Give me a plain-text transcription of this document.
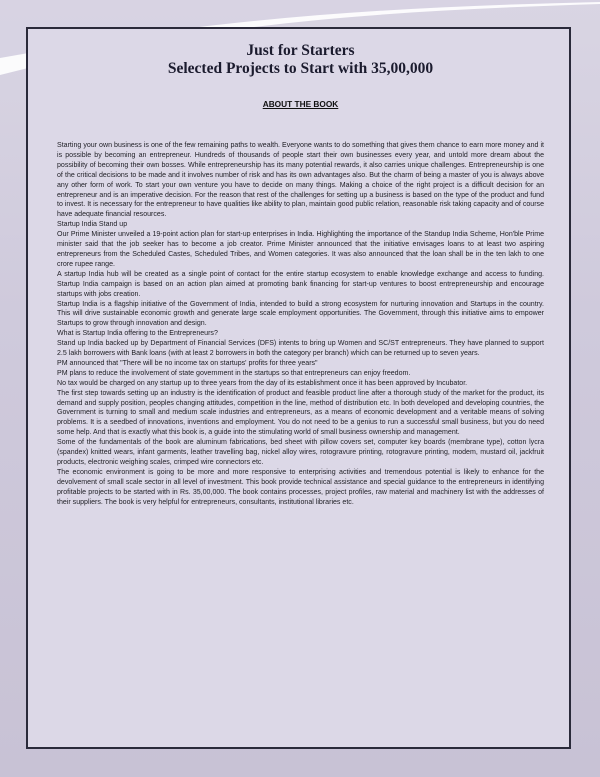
Just for Starters

Selected Projects to Start with 35,00,000

ABOUT THE BOOK

Starting your own business is one of the few remaining paths to wealth. Everyone wants to do something that gives them chance to earn more money and it is possible by becoming an entrepreneur. Hundreds of thousands of people start their own businesses every year, and untold more dream about the possibility of becoming their own bosses. While entrepreneurship has its many potential rewards, it also carries unique challenges. Entrepreneurship is one of the critical decisions to be made and it involves number of risk and has its own advantages also. But the charm of being a master of you is always above any other form of work. To start your own venture you have to decide on many things. Making a choice of the right project is a difficult decision for an entrepreneur and is an imperative decision. For the reason that rest of the challenges for setting up a business is based on the type of the product and fund to invest. It is necessary for the entrepreneur to have qualities like ability to plan, maintain good public relation, reasonable risk taking capacity and of course have adequate financial resources.

Startup India Stand up

Our Prime Minister unveiled a 19-point action plan for start-up enterprises in India. Highlighting the importance of the Standup India Scheme, Hon'ble Prime minister said that the job seeker has to become a job creator. Prime Minister announced that the initiative envisages loans to at least two aspiring entrepreneurs from the Scheduled Castes, Scheduled Tribes, and Women categories. It was also announced that the loan shall be in the ten lakh to one crore rupee range.

A startup India hub will be created as a single point of contact for the entire startup ecosystem to enable knowledge exchange and access to funding. Startup India campaign is based on an action plan aimed at promoting bank financing for start-up ventures to boost entrepreneurship and encourage startups with jobs creation.

Startup India is a flagship initiative of the Government of India, intended to build a strong ecosystem for nurturing innovation and Startups in the country. This will drive sustainable economic growth and generate large scale employment opportunities. The Government, through this initiative aims to empower Startups to grow through innovation and design.

What is Startup India offering to the Entrepreneurs?

Stand up India backed up by Department of Financial Services (DFS) intents to bring up Women and SC/ST entrepreneurs. They have planned to support 2.5 lakh borrowers with Bank loans (with at least 2 borrowers in both the category per branch) which can be returned up to seven years.

PM announced that "There will be no income tax on startups' profits for three years"

PM plans to reduce the involvement of state government in the startups so that entrepreneurs can enjoy freedom.

No tax would be charged on any startup up to three years from the day of its establishment once it has been approved by Incubator.

The first step towards setting up an industry is the identification of product and feasible product line after a thorough study of the market for the product, its demand and supply position, peoples changing attitudes, competition in the line, method of distribution etc. In both developed and developing countries, the Government is turning to small and medium scale industries and entrepreneurs, as a means of economic development and a veritable means of solving problems. It is a seedbed of innovations, inventions and employment. You do not need to be a genius to run a successful small business, but you do need some help. And that is exactly what this book is, a guide into the stimulating world of small business ownership and management.

Some of the fundamentals of the book are aluminum fabrications, bed sheet with pillow covers set, computer key boards (membrane type), cotton lycra (spandex) knitted wears, infant garments, leather travelling bag, nickel alloy wires, rotogravure printing, rotogravure printing, modem, mustard oil, jackfruit products, electronic weighing scales, crimped wire connectors etc.

The economic environment is going to be more and more responsive to enterprising activities and tremendous potential is likely to enhance for the devolvement of small scale sector in all level of investment. This book provide technical assistance and special guidance to the entrepreneurs in identifying profitable projects to be started with in Rs. 35,00,000. The book contains processes, project profiles, raw material and machinery list with the addresses of their suppliers. The book is very helpful for entrepreneurs, consultants, institutional libraries etc.
